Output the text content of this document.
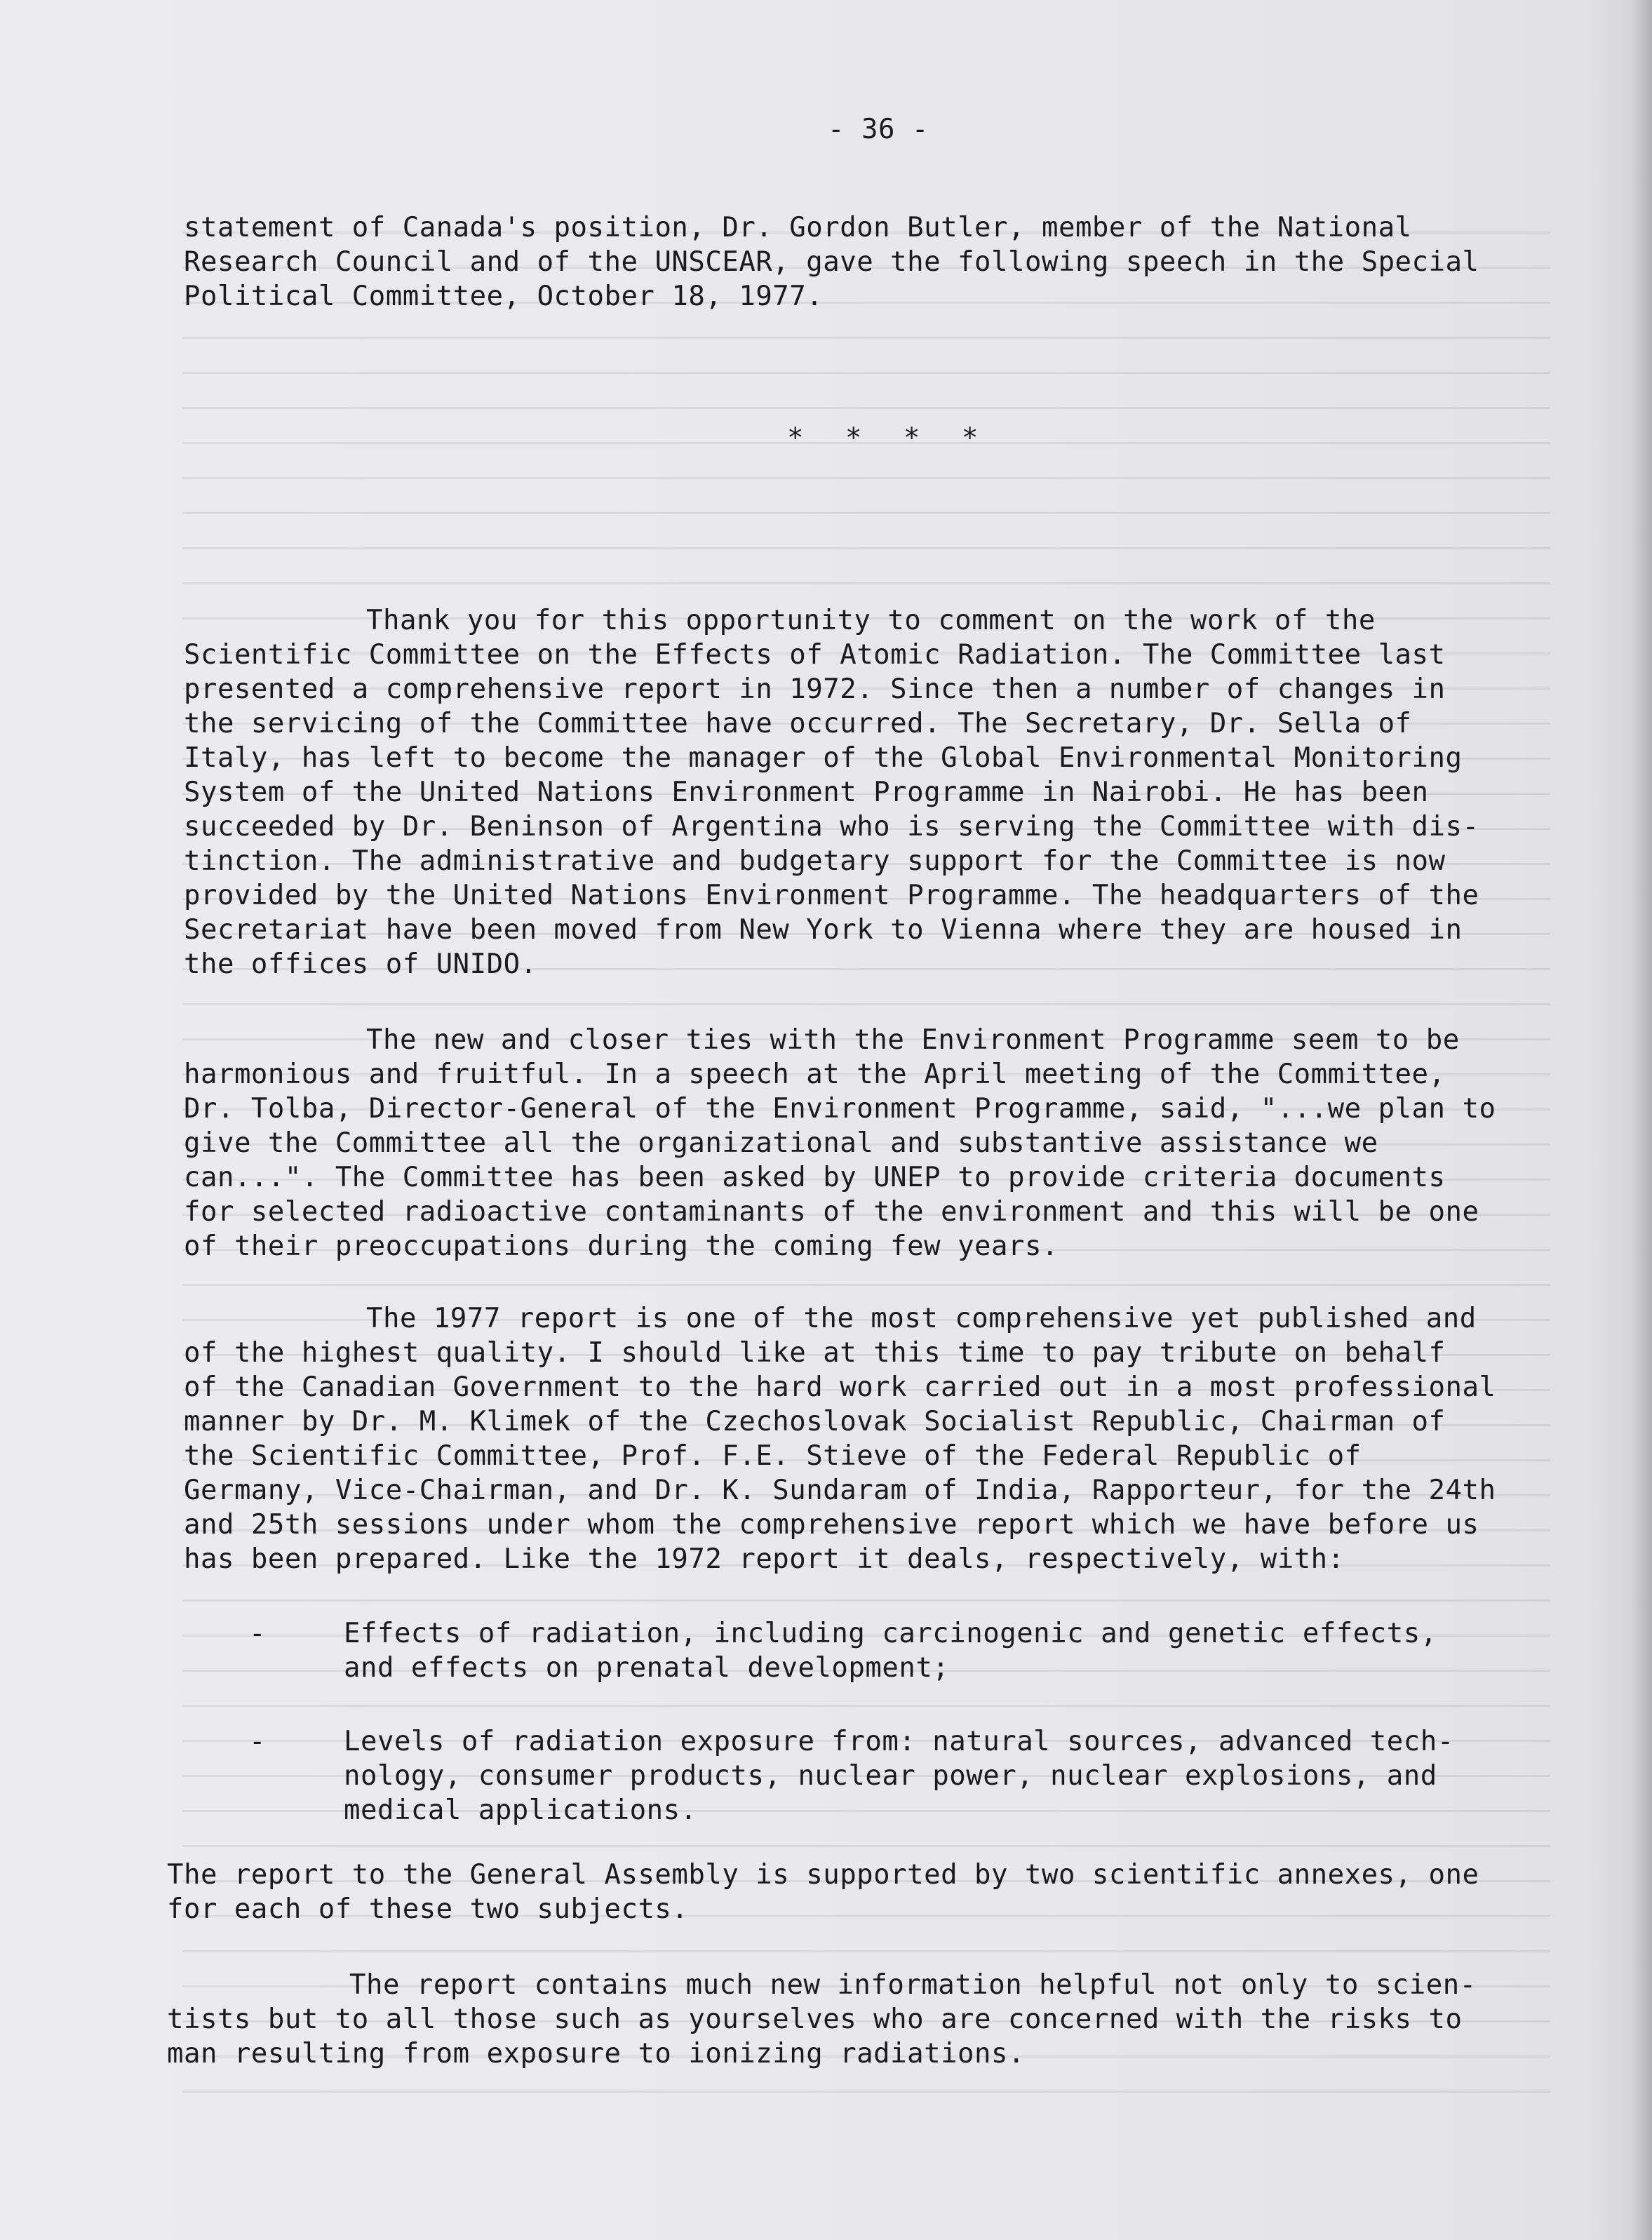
- 36 -
statement of Canada's position, Dr. Gordon Butler, member of the National
Research Council and of the UNSCEAR, gave the following speech in the Special
Political Committee, October 18, 1977.
* * * *
Thank you for this opportunity to comment on the work of the
Scientific Committee on the Effects of Atomic Radiation. The Committee last
presented a comprehensive report in 1972. Since then a number of changes in
the servicing of the Committee have occurred. The Secretary, Dr. Sella of
Italy, has left to become the manager of the Global Environmental Monitoring
System of the United Nations Environment Programme in Nairobi. He has been
succeeded by Dr. Beninson of Argentina who is serving the Committee with dis-
tinction. The administrative and budgetary support for the Committee is now
provided by the United Nations Environment Programme. The headquarters of the
Secretariat have been moved from New York to Vienna where they are housed in
the offices of UNIDO.
The new and closer ties with the Environment Programme seem to be
harmonious and fruitful. In a speech at the April meeting of the Committee,
Dr. Tolba, Director-General of the Environment Programme, said, "...we plan to
give the Committee all the organizational and substantive assistance we
can...". The Committee has been asked by UNEP to provide criteria documents
for selected radioactive contaminants of the environment and this will be one
of their preoccupations during the coming few years.
The 1977 report is one of the most comprehensive yet published and
of the highest quality. I should like at this time to pay tribute on behalf
of the Canadian Government to the hard work carried out in a most professional
manner by Dr. M. Klimek of the Czechoslovak Socialist Republic, Chairman of
the Scientific Committee, Prof. F.E. Stieve of the Federal Republic of
Germany, Vice-Chairman, and Dr. K. Sundaram of India, Rapporteur, for the 24th
and 25th sessions under whom the comprehensive report which we have before us
has been prepared. Like the 1972 report it deals, respectively, with:
-	Effects of radiation, including carcinogenic and genetic effects,
and effects on prenatal development;
-	Levels of radiation exposure from: natural sources, advanced tech-
nology, consumer products, nuclear power, nuclear explosions, and
medical applications.
The report to the General Assembly is supported by two scientific annexes, one
for each of these two subjects.
The report contains much new information helpful not only to scien-
tists but to all those such as yourselves who are concerned with the risks to
man resulting from exposure to ionizing radiations.
